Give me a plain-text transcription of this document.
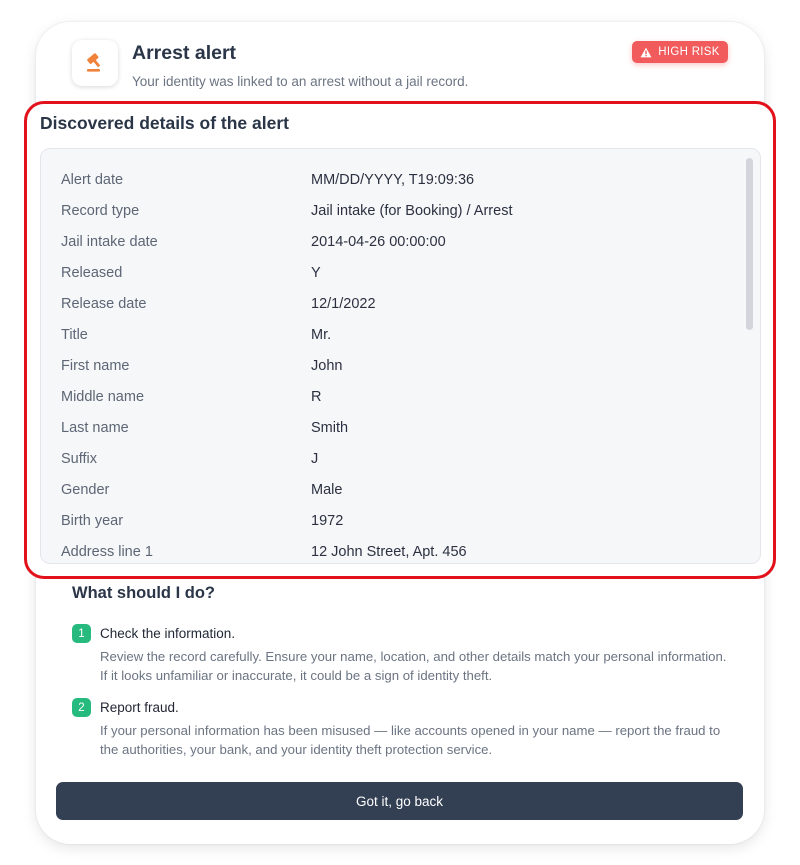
Arrest alert
Your identity was linked to an arrest without a jail record.
HIGH RISK
Discovered details of the alert
Alert date	MM/DD/YYYY, T19:09:36
Record type	Jail intake (for Booking) / Arrest
Jail intake date	2014-04-26 00:00:00
Released	Y
Release date	12/1/2022
Title	Mr.
First name	John
Middle name	R
Last name	Smith
Suffix	J
Gender	Male
Birth year	1972
Address line 1	12 John Street, Apt. 456
What should I do?
1	Check the information.
Review the record carefully. Ensure your name, location, and other details match your personal information. If it looks unfamiliar or inaccurate, it could be a sign of identity theft.
2	Report fraud.
If your personal information has been misused — like accounts opened in your name — report the fraud to the authorities, your bank, and your identity theft protection service.
Got it, go back
